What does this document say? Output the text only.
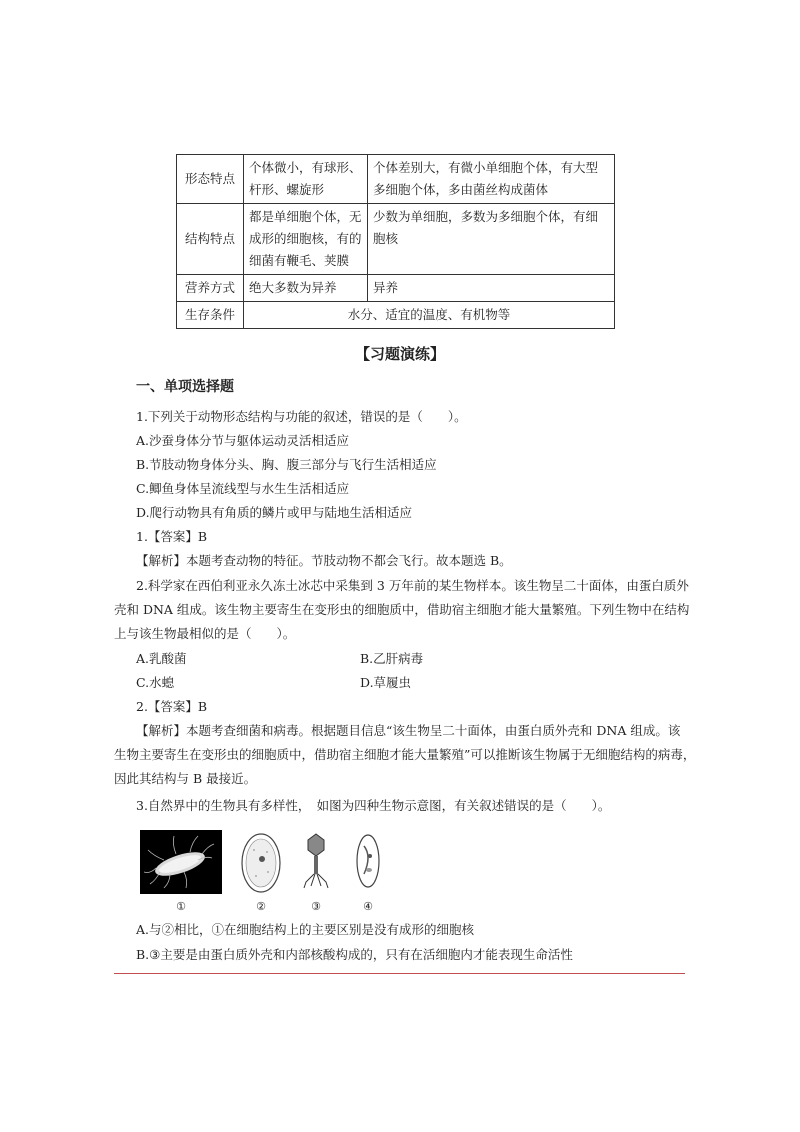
形态特点	个体微小，有球形、杆形、螺旋形	个体差别大，有微小单细胞个体，有大型多细胞个体，多由菌丝构成菌体
结构特点	都是单细胞个体，无成形的细胞核，有的细菌有鞭毛、荚膜	少数为单细胞，多数为多细胞个体，有细胞核
营养方式	绝大多数为异养	异养
生存条件	水分、适宜的温度、有机物等	
【习题演练】
一、单项选择题
1.下列关于动物形态结构与功能的叙述，错误的是（　　）。
A.沙蚕身体分节与躯体运动灵活相适应
B.节肢动物身体分头、胸、腹三部分与飞行生活相适应
C.鲫鱼身体呈流线型与水生生活相适应
D.爬行动物具有角质的鳞片或甲与陆地生活相适应
1.【答案】B
【解析】本题考查动物的特征。节肢动物不都会飞行。故本题选 B。
2.科学家在西伯利亚永久冻土冰芯中采集到 3 万年前的某生物样本。该生物呈二十面体，由蛋白质外
壳和 DNA 组成。该生物主要寄生在变形虫的细胞质中，借助宿主细胞才能大量繁殖。下列生物中在结构
上与该生物最相似的是（　　）。
A.乳酸菌	B.乙肝病毒
C.水螅	D.草履虫
2.【答案】B
【解析】本题考查细菌和病毒。根据题目信息“该生物呈二十面体，由蛋白质外壳和 DNA 组成。该
生物主要寄生在变形虫的细胞质中，借助宿主细胞才能大量繁殖”可以推断该生物属于无细胞结构的病毒，
因此其结构与 B 最接近。
3.自然界中的生物具有多样性，　如图为四种生物示意图，有关叙述错误的是（　　）。
①	②	③	④
A.与②相比，①在细胞结构上的主要区别是没有成形的细胞核
B.③主要是由蛋白质外壳和内部核酸构成的，只有在活细胞内才能表现生命活性
